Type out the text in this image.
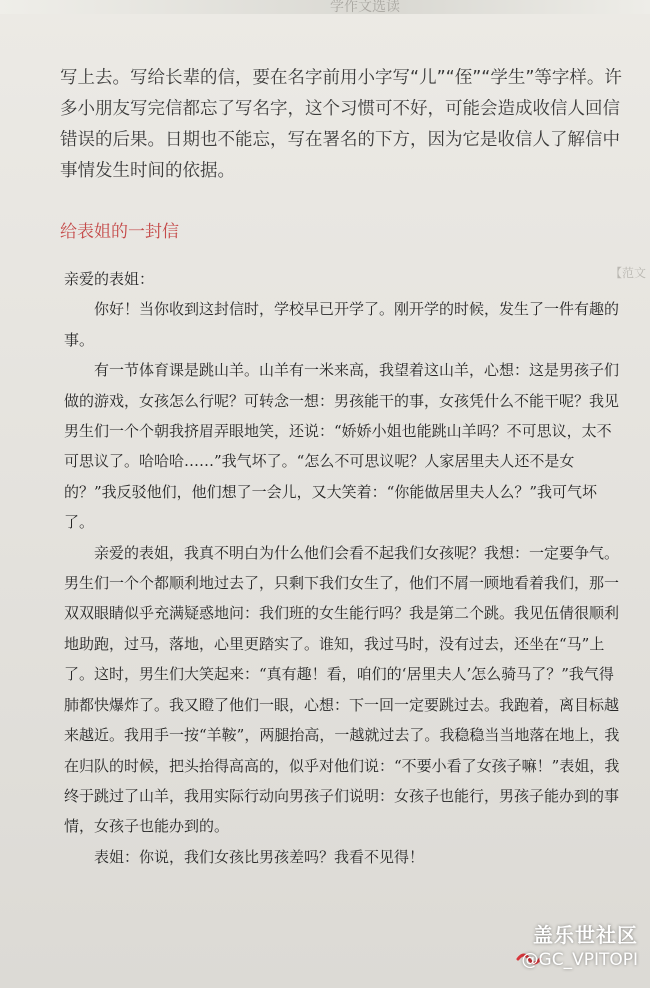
学作文选读

写上去。写给长辈的信，要在名字前用小字写“儿”“侄”“学生”等字样。许多小朋友写完信都忘了写名字，这个习惯可不好，可能会造成收信人回信错误的后果。日期也不能忘，写在署名的下方，因为它是收信人了解信中事情发生时间的依据。

给表姐的一封信
【范文

亲爱的表姐：

你好！当你收到这封信时，学校早已开学了。刚开学的时候，发生了一件有趣的事。

有一节体育课是跳山羊。山羊有一米来高，我望着这山羊，心想：这是男孩子们做的游戏，女孩怎么行呢？可转念一想：男孩能干的事，女孩凭什么不能干呢？我见男生们一个个朝我挤眉弄眼地笑，还说：“娇娇小姐也能跳山羊吗？不可思议，太不可思议了。哈哈哈……”我气坏了。“怎么不可思议呢？人家居里夫人还不是女的？”我反驳他们，他们想了一会儿，又大笑着：“你能做居里夫人么？”我可气坏了。

亲爱的表姐，我真不明白为什么他们会看不起我们女孩呢？我想：一定要争气。男生们一个个都顺利地过去了，只剩下我们女生了，他们不屑一顾地看着我们，那一双双眼睛似乎充满疑惑地问：我们班的女生能行吗？我是第二个跳。我见伍倩很顺利地助跑，过马，落地，心里更踏实了。谁知，我过马时，没有过去，还坐在“马”上了。这时，男生们大笑起来：“真有趣！看，咱们的‘居里夫人’怎么骑马了？”我气得肺都快爆炸了。我又瞪了他们一眼，心想：下一回一定要跳过去。我跑着，离目标越来越近。我用手一按“羊鞍”，两腿抬高，一越就过去了。我稳稳当当地落在地上，我在归队的时候，把头抬得高高的，似乎对他们说：“不要小看了女孩子嘛！”表姐，我终于跳过了山羊，我用实际行动向男孩子们说明：女孩子也能行，男孩子能办到的事情，女孩子也能办到的。

表姐：你说，我们女孩比男孩差吗？我看不见得！

盖乐世社区
@GC_VPITOPI
